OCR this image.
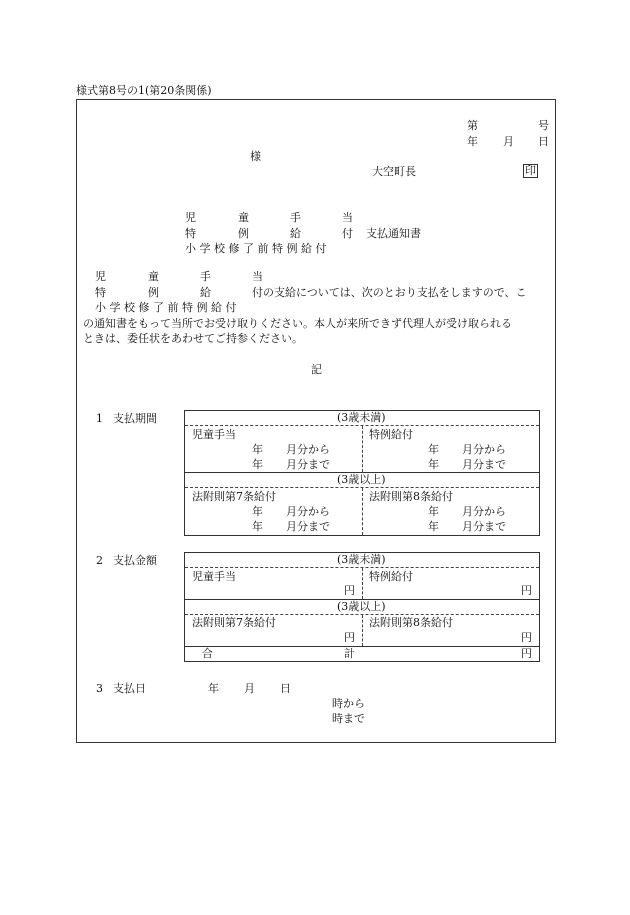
様式第8号の1(第20条関係)
第	号
年 月 日
様
大空町長	印
児	童	手	当
特	例	給	付 支払通知書
小 学 校 修 了 前 特 例 給 付
児	童	手	当
特	例	給	付の支給については、次のとおり支払をしますので、こ
小 学 校 修 了 前 特 例 給 付
の通知書をもって当所でお受け取りください。本人が来所できず代理人が受け取られる
ときは、委任状をあわせてご持参ください。
記
1 支払期間	(3歳未満)
児童手当	特例給付
年 月分から	年 月分から
年 月分まで	年 月分まで
(3歳以上)
法附則第7条給付	法附則第8条給付
年 月分から	年 月分から
年 月分まで	年 月分まで
2 支払金額	(3歳未満)
児童手当	特例給付
円	円
(3歳以上)
法附則第7条給付	法附則第8条給付
円	円
合	計	円
3 支払日	年 月 日
時から
時まで
